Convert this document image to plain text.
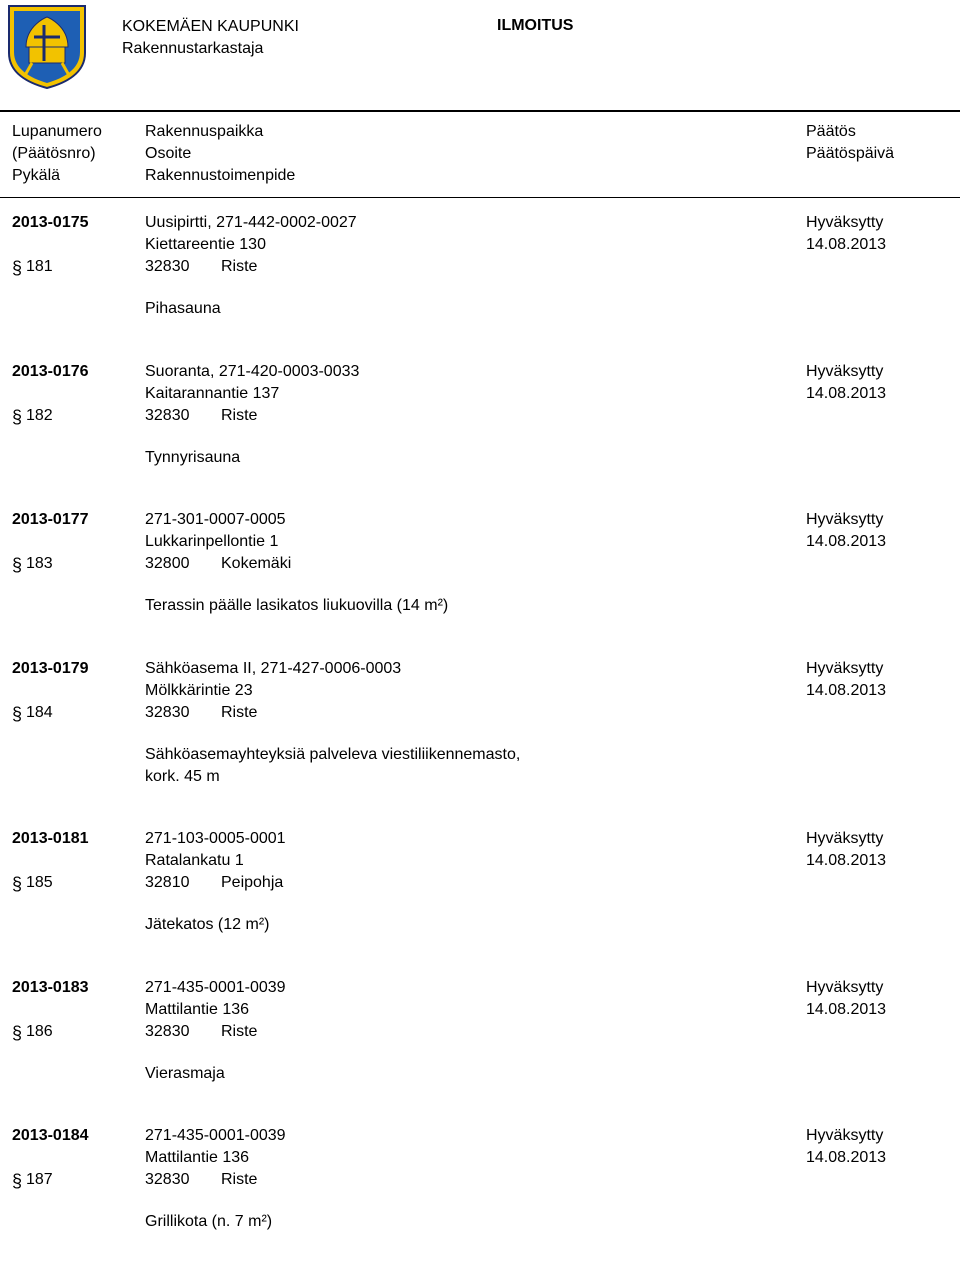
KOKEMÄEN KAUPUNKI
Rakennustarkastaja
ILMOITUS
Lupanumero
(Päätösnro)
Pykälä
Rakennuspaikka
Osoite
Rakennustoimenpide
Päätös
Päätöspäivä
2013-0175
§ 181
Uusipirtti, 271-442-0002-0027
Kiettareentie 130
32830 Riste
Hyväksytty
14.08.2013
Pihasauna
2013-0176
§ 182
Suoranta, 271-420-0003-0033
Kaitarannantie 137
32830 Riste
Hyväksytty
14.08.2013
Tynnyrisauna
2013-0177
§ 183
271-301-0007-0005
Lukkarinpellontie 1
32800 Kokemäki
Hyväksytty
14.08.2013
Terassin päälle lasikatos liukuovilla (14 m²)
2013-0179
§ 184
Sähköasema II, 271-427-0006-0003
Mölkkärintie 23
32830 Riste
Hyväksytty
14.08.2013
Sähköasemayhteyksiä palveleva viestiliikennemasto,
kork. 45 m
2013-0181
§ 185
271-103-0005-0001
Ratalankatu 1
32810 Peipohja
Hyväksytty
14.08.2013
Jätekatos (12 m²)
2013-0183
§ 186
271-435-0001-0039
Mattilantie 136
32830 Riste
Hyväksytty
14.08.2013
Vierasmaja
2013-0184
§ 187
271-435-0001-0039
Mattilantie 136
32830 Riste
Hyväksytty
14.08.2013
Grillikota (n. 7 m²)
